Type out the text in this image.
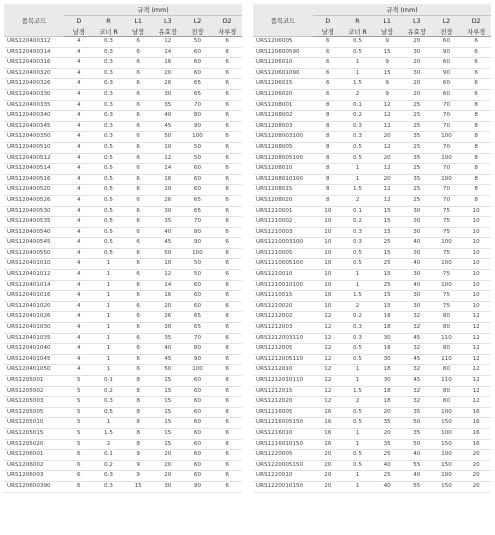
품목코드	규격 (mm)					
	D	R	L1	L3	L2	D2
	날경	코너 R	날장	유효장	전장	자루경
URS120400312	4	0.3	6	12	50	6
URS120400314	4	0.3	6	14	60	6
URS120400316	4	0.3	6	16	60	6
URS120400320	4	0.3	6	20	60	6
URS120400326	4	0.3	6	26	65	6
URS120400330	4	0.3	6	30	65	6
URS120400335	4	0.3	6	35	70	6
URS120400340	4	0.3	6	40	80	6
URS120400345	4	0.3	6	45	90	6
URS120400350	4	0.3	6	50	100	6
URS120400510	4	0.5	6	10	50	6
URS120400512	4	0.5	6	12	50	6
URS120400514	4	0.5	6	14	60	6
URS120400516	4	0.5	6	16	60	6
URS120400520	4	0.5	6	20	60	6
URS120400526	4	0.5	6	26	65	6
URS120400530	4	0.5	6	30	65	6
URS120400535	4	0.5	6	35	70	6
URS120400540	4	0.5	6	40	80	6
URS120400545	4	0.5	6	45	90	6
URS120400550	4	0.5	6	50	100	6
URS120401010	4	1	6	10	50	6
URS120401012	4	1	6	12	50	6
URS120401014	4	1	6	14	60	6
URS120401016	4	1	6	16	60	6
URS120401020	4	1	6	20	60	6
URS120401026	4	1	6	26	65	6
URS120401030	4	1	6	30	65	6
URS120401035	4	1	6	35	70	6
URS120401040	4	1	6	40	80	6
URS120401045	4	1	6	45	90	6
URS120401050	4	1	6	50	100	6
URS1205001	5	0.1	8	15	60	6
URS1205002	5	0.2	8	15	60	6
URS1205003	5	0.3	8	15	60	6
URS1205005	5	0.5	8	15	60	6
URS1205010	5	1	8	15	60	6
URS1205015	5	1.5	8	15	60	6
URS1205020	5	2	8	15	60	6
URS1206001	6	0.1	9	20	60	6
URS1206002	6	0.2	9	20	60	6
URS1206003	6	0.3	9	20	60	6
URS120600390	6	0.3	15	30	90	6
품목코드	규격 (mm)					
	D	R	L1	L3	L2	D2
	날경	코너 R	날장	유효장	전장	자루경
URS1206005	6	0.5	9	20	60	6
URS120600590	6	0.5	15	30	90	6
URS1206010	6	1	9	20	60	6
URS120601090	6	1	15	30	90	6
URS1206015	6	1.5	9	20	60	6
URS1206020	6	2	9	20	60	6
URS1208001	8	0.1	12	25	70	8
URS1208002	8	0.2	12	25	70	8
URS1208003	8	0.3	12	25	70	8
URS1208003100	8	0.3	20	35	100	8
URS1208005	8	0.5	12	25	70	8
URS1208005100	8	0.5	20	35	100	8
URS1208010	8	1	12	25	70	8
URS1208010100	8	1	20	35	100	8
URS1208015	8	1.5	12	25	70	8
URS1208020	8	2	12	25	70	8
URS1210001	10	0.1	15	30	75	10
URS1210002	10	0.2	15	30	75	10
URS1210003	10	0.3	15	30	75	10
URS1210003100	10	0.3	25	40	100	10
URS1210005	10	0.5	15	30	75	10
URS1210005100	10	0.5	25	40	100	10
URS1210010	10	1	15	30	75	10
URS1210010100	10	1	25	40	100	10
URS1210015	10	1.5	15	30	75	10
URS1210020	10	2	15	30	75	10
URS1212002	12	0.2	18	32	80	12
URS1212003	12	0.3	18	32	80	12
URS1212003110	12	0.3	30	45	110	12
URS1212005	12	0.5	18	32	80	12
URS1212005110	12	0.5	30	45	110	12
URS1212010	12	1	18	32	80	12
URS1212010110	12	1	30	45	110	12
URS1212015	12	1.5	18	32	80	12
URS1212020	12	2	18	32	80	12
URS1216005	16	0.5	20	35	100	16
URS1216005150	16	0.5	35	50	150	16
URS1216010	16	1	20	35	100	16
URS1216010150	16	1	35	50	150	16
URS1220005	20	0.5	25	40	100	20
URS1220005150	20	0.5	40	55	150	20
URS1220010	20	1	25	40	100	20
URS1220010150	20	1	40	55	150	20
